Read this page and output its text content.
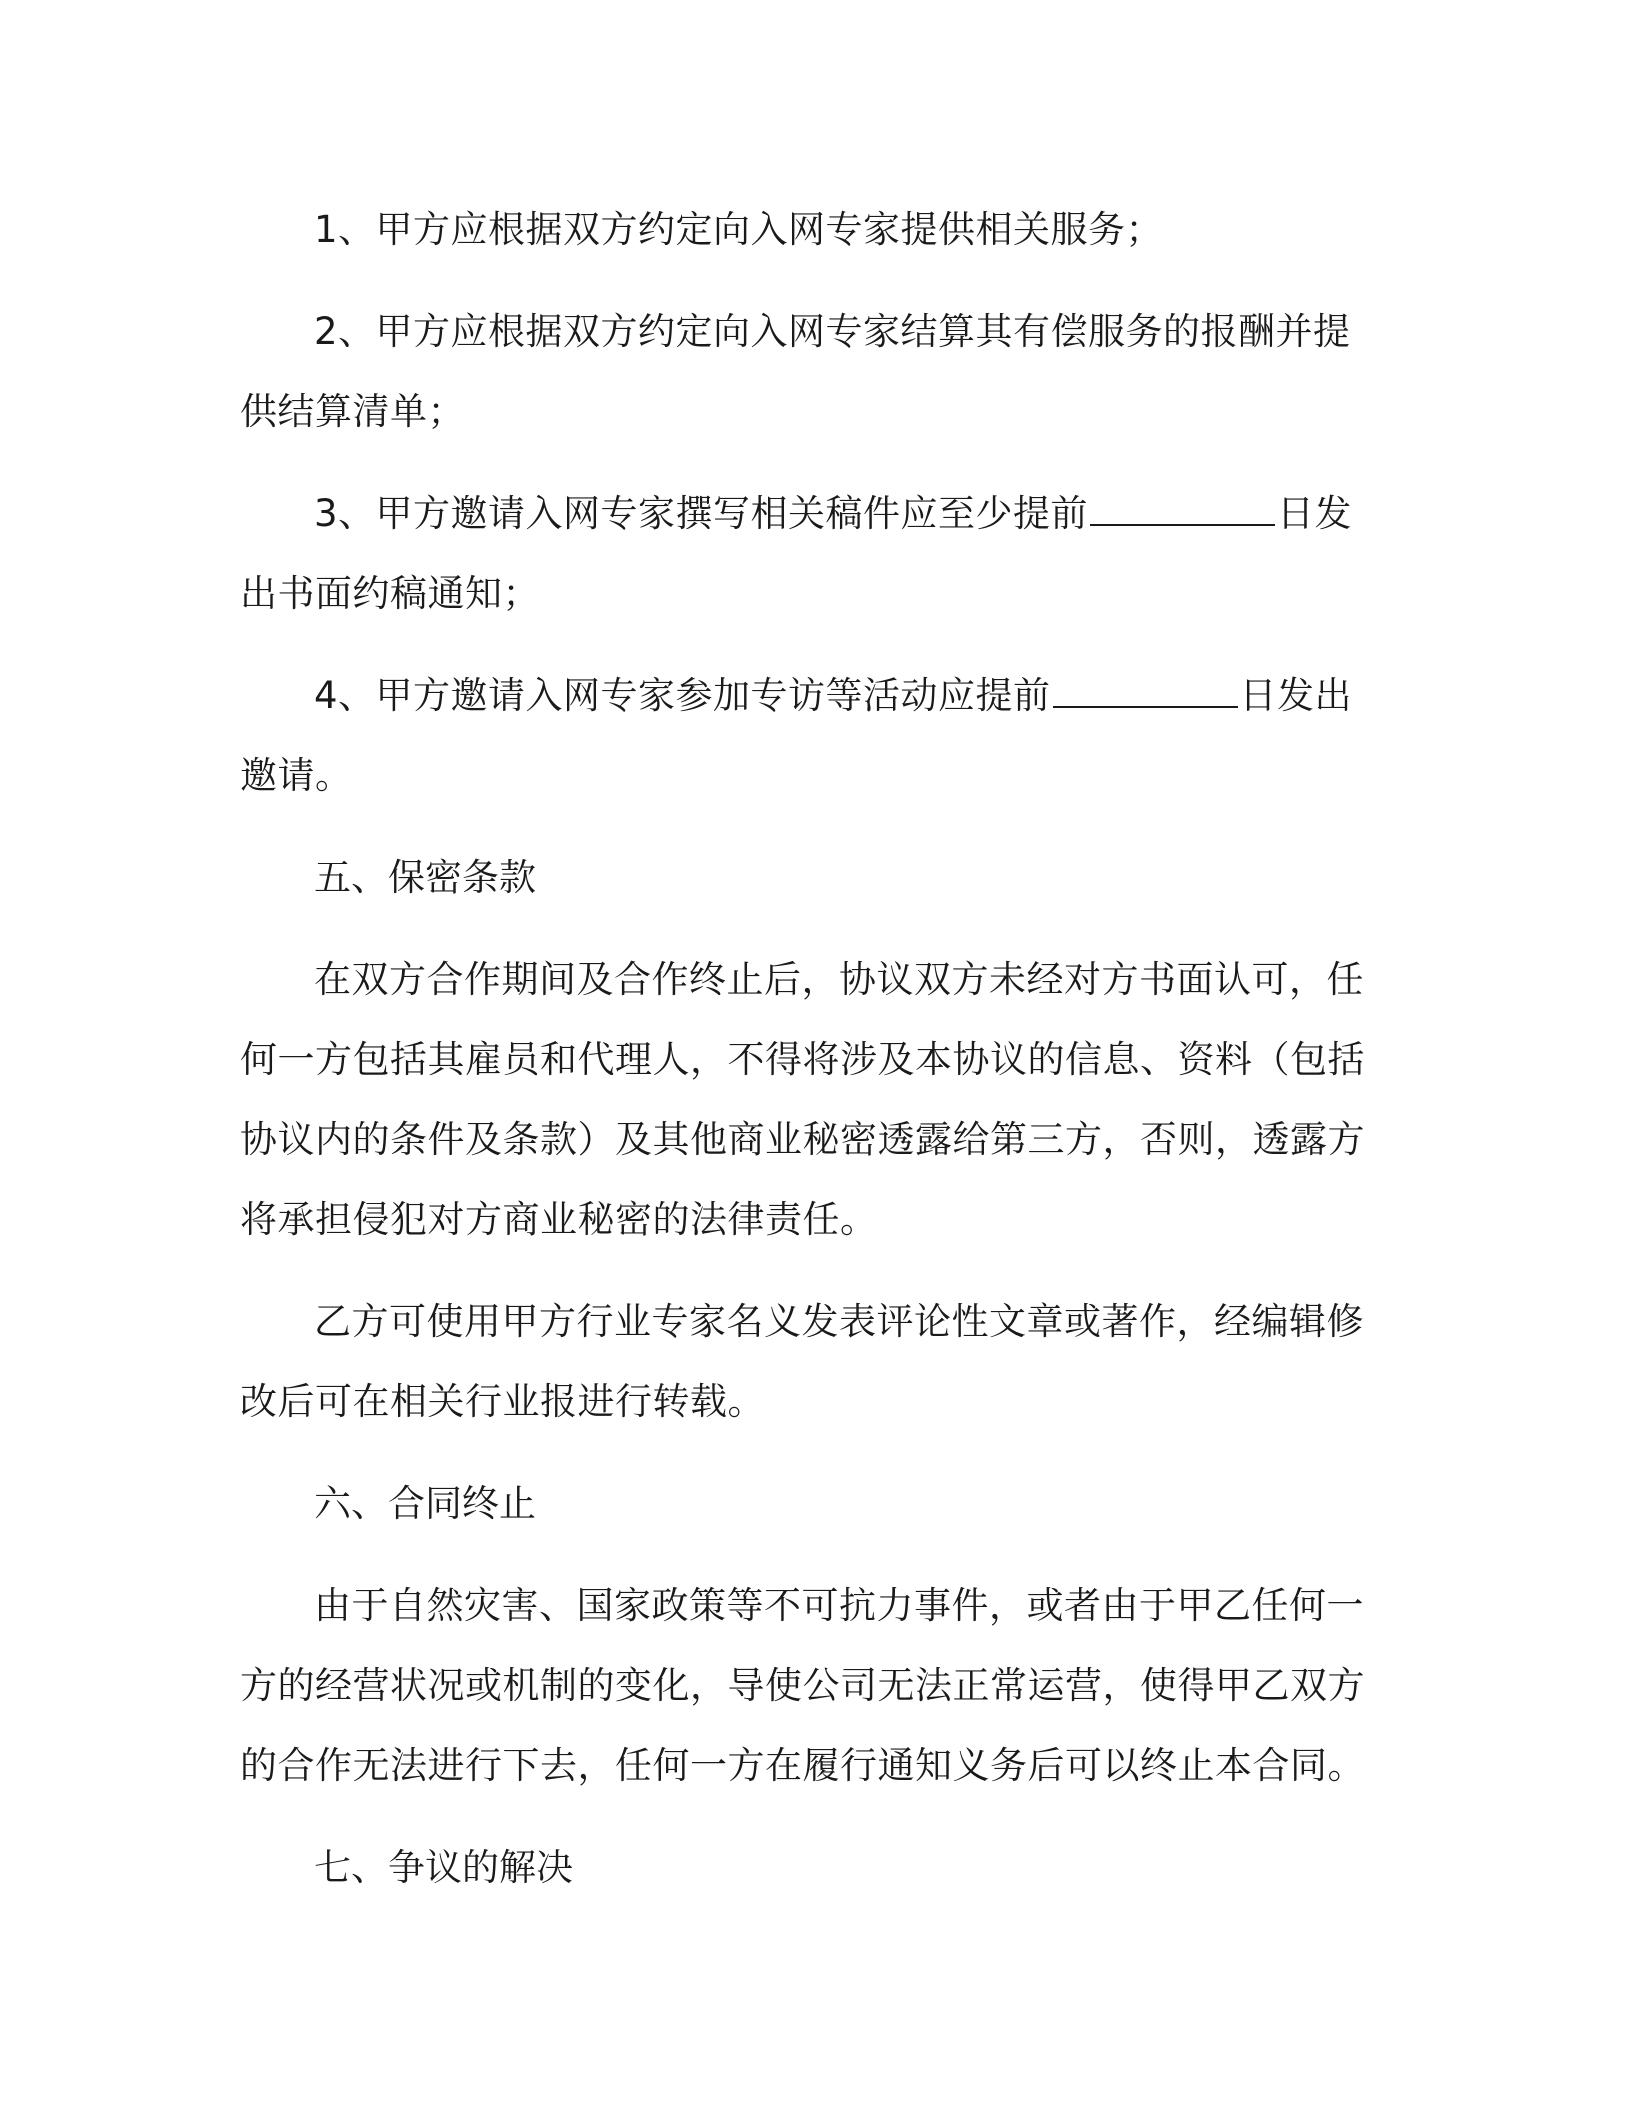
1、甲方应根据双方约定向入网专家提供相关服务；

2、甲方应根据双方约定向入网专家结算其有偿服务的报酬并提供结算清单；

3、甲方邀请入网专家撰写相关稿件应至少提前	日发出书面约稿通知；

4、甲方邀请入网专家参加专访等活动应提前	日发出邀请。

五、保密条款

在双方合作期间及合作终止后，协议双方未经对方书面认可，任何一方包括其雇员和代理人，不得将涉及本协议的信息、资料（包括协议内的条件及条款）及其他商业秘密透露给第三方，否则，透露方将承担侵犯对方商业秘密的法律责任。

乙方可使用甲方行业专家名义发表评论性文章或著作，经编辑修改后可在相关行业报进行转载。

六、合同终止

由于自然灾害、国家政策等不可抗力事件，或者由于甲乙任何一方的经营状况或机制的变化，导使公司无法正常运营，使得甲乙双方的合作无法进行下去，任何一方在履行通知义务后可以终止本合同。

七、争议的解决
